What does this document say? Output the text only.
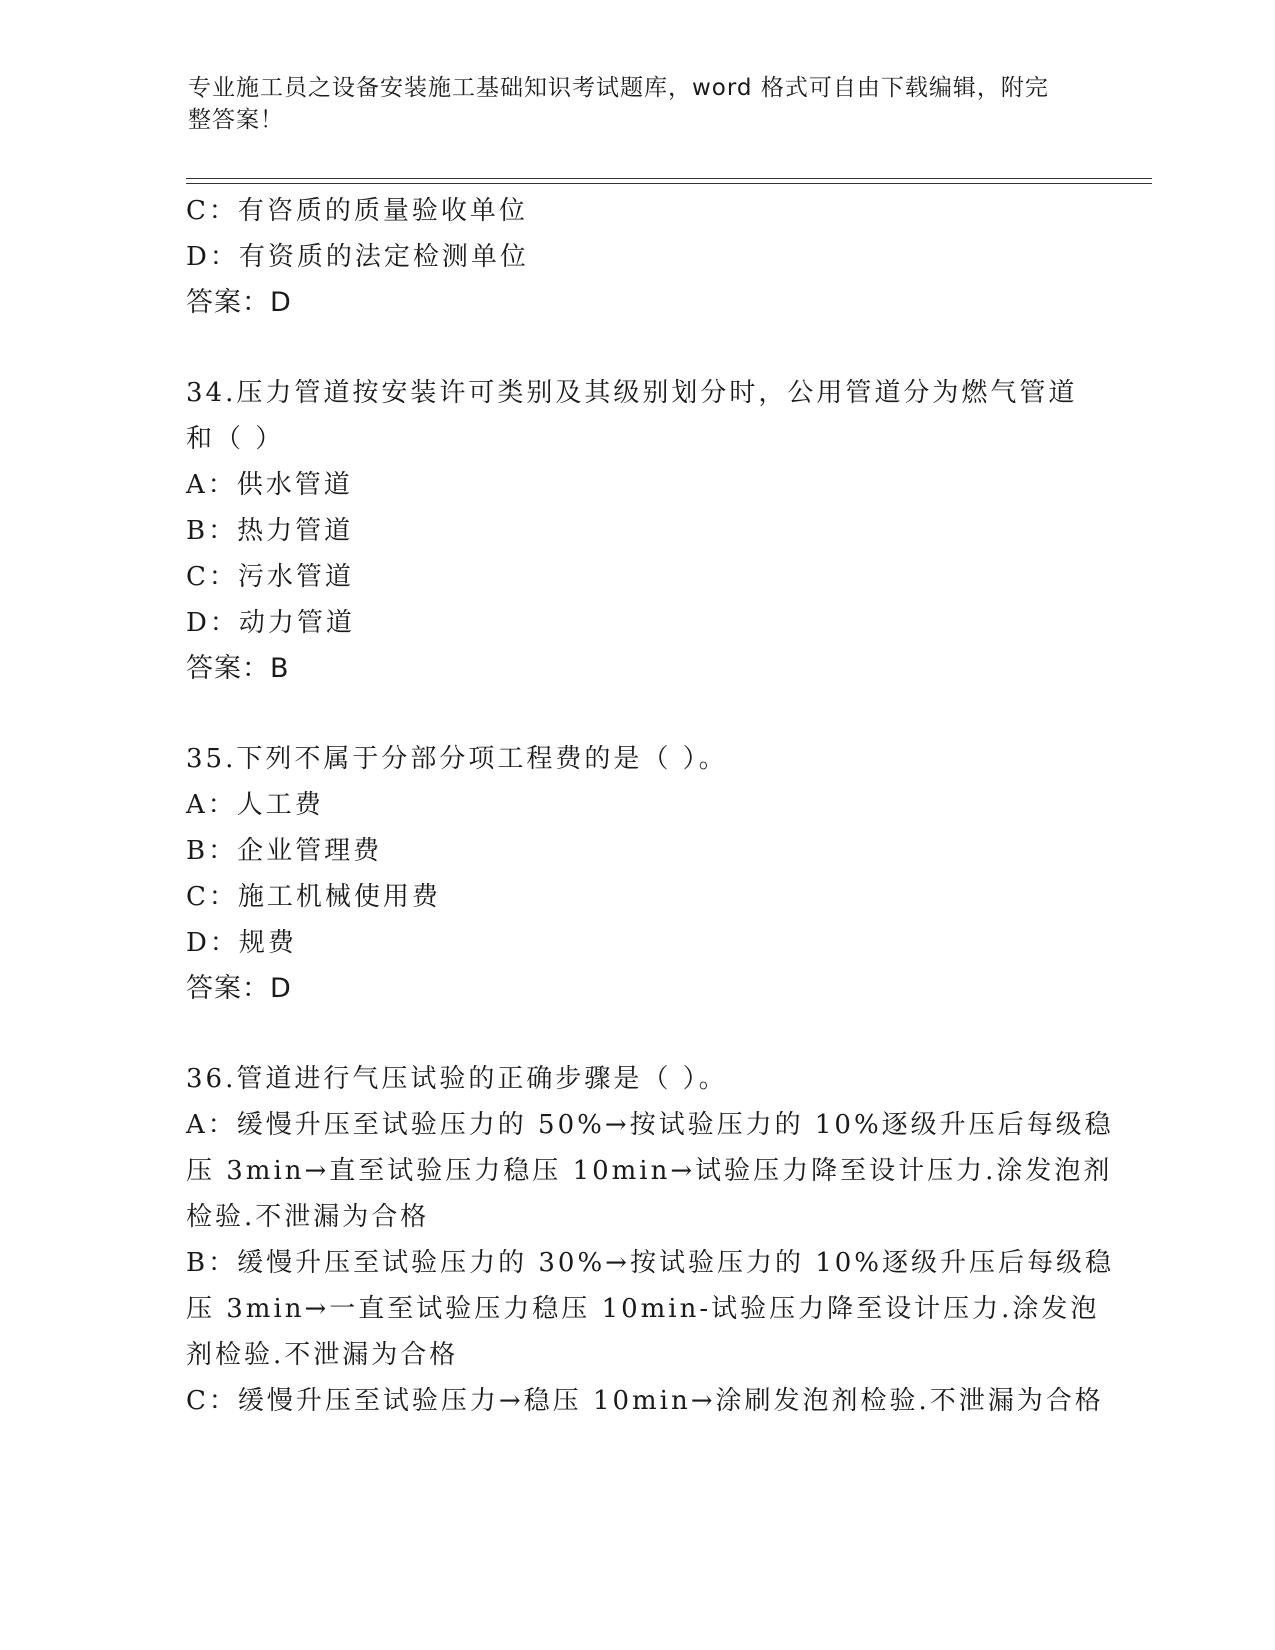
专业施工员之设备安装施工基础知识考试题库，word 格式可自由下载编辑，附完
整答案！
C：有咨质的质量验收单位
D：有资质的法定检测单位
答案：D
34.压力管道按安装许可类别及其级别划分时，公用管道分为燃气管道
和（ ）
A：供水管道
B：热力管道
C：污水管道
D：动力管道
答案：B
35.下列不属于分部分项工程费的是（ ）。
A：人工费
B：企业管理费
C：施工机械使用费
D：规费
答案：D
36.管道进行气压试验的正确步骤是（ ）。
A：缓慢升压至试验压力的 50%→按试验压力的 10%逐级升压后每级稳
压 3min→直至试验压力稳压 10min→试验压力降至设计压力.涂发泡剂
检验.不泄漏为合格
B：缓慢升压至试验压力的 30%→按试验压力的 10%逐级升压后每级稳
压 3min→一直至试验压力稳压 10min-试验压力降至设计压力.涂发泡
剂检验.不泄漏为合格
C：缓慢升压至试验压力→稳压 10min→涂刷发泡剂检验.不泄漏为合格
